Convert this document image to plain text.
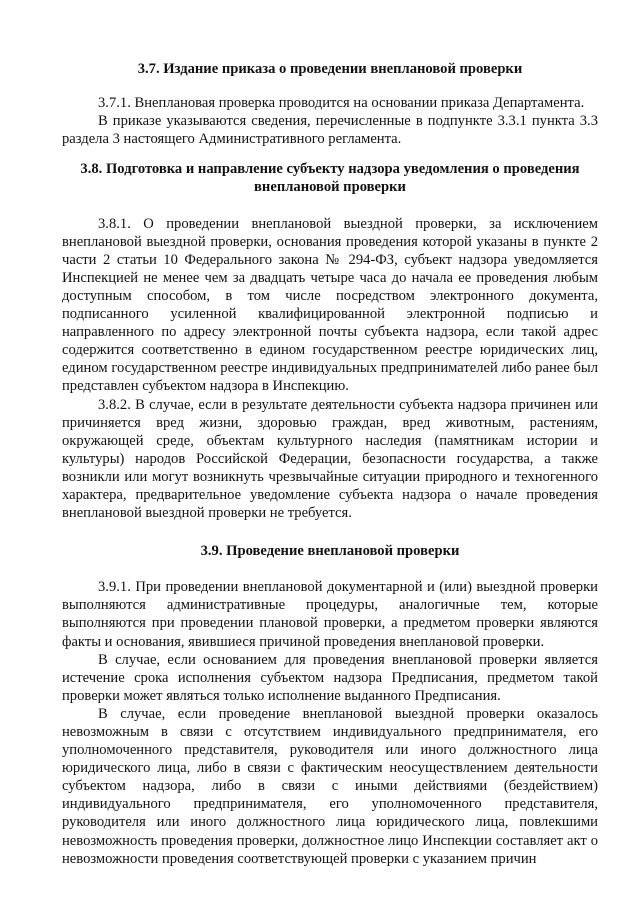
3.7. Издание приказа о проведении внеплановой проверки

3.7.1. Внеплановая проверка проводится на основании приказа Департамента.

В приказе указываются сведения, перечисленные в подпункте 3.3.1 пункта 3.3 раздела 3 настоящего Административного регламента.

3.8. Подготовка и направление субъекту надзора уведомления о проведения внеплановой проверки

3.8.1. О проведении внеплановой выездной проверки, за исключением внеплановой выездной проверки, основания проведения которой указаны в пункте 2 части 2 статьи 10 Федерального закона № 294-ФЗ, субъект надзора уведомляется Инспекцией не менее чем за двадцать четыре часа до начала ее проведения любым доступным способом, в том числе посредством электронного документа, подписанного усиленной квалифицированной электронной подписью и направленного по адресу электронной почты субъекта надзора, если такой адрес содержится соответственно в едином государственном реестре юридических лиц, едином государственном реестре индивидуальных предпринимателей либо ранее был представлен субъектом надзора в Инспекцию.

3.8.2. В случае, если в результате деятельности субъекта надзора причинен или причиняется вред жизни, здоровью граждан, вред животным, растениям, окружающей среде, объектам культурного наследия (памятникам истории и культуры) народов Российской Федерации, безопасности государства, а также возникли или могут возникнуть чрезвычайные ситуации природного и техногенного характера, предварительное уведомление субъекта надзора о начале проведения внеплановой выездной проверки не требуется.

3.9. Проведение внеплановой проверки

3.9.1. При проведении внеплановой документарной и (или) выездной проверки выполняются административные процедуры, аналогичные тем, которые выполняются при проведении плановой проверки, а предметом проверки являются факты и основания, явившиеся причиной проведения внеплановой проверки.

В случае, если основанием для проведения внеплановой проверки является истечение срока исполнения субъектом надзора Предписания, предметом такой проверки может являться только исполнение выданного Предписания.

В случае, если проведение внеплановой выездной проверки оказалось невозможным в связи с отсутствием индивидуального предпринимателя, его уполномоченного представителя, руководителя или иного должностного лица юридического лица, либо в связи с фактическим неосуществлением деятельности субъектом надзора, либо в связи с иными действиями (бездействием) индивидуального предпринимателя, его уполномоченного представителя, руководителя или иного должностного лица юридического лица, повлекшими невозможность проведения проверки, должностное лицо Инспекции составляет акт о невозможности проведения соответствующей проверки с указанием причин
